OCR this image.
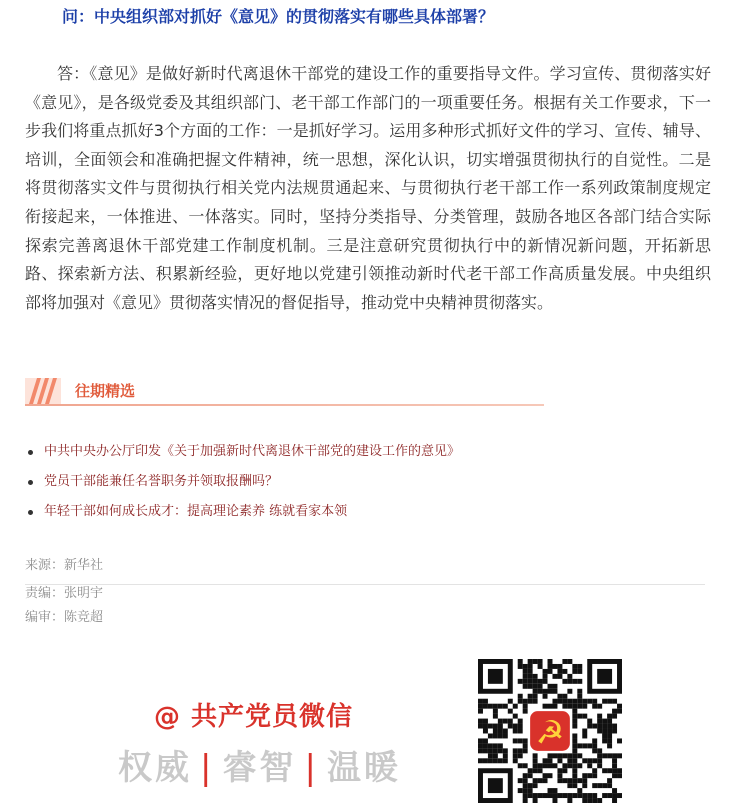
问：中央组织部对抓好《意见》的贯彻落实有哪些具体部署？

答：《意见》是做好新时代离退休干部党的建设工作的重要指导文件。学习宣传、贯彻落实好《意见》，是各级党委及其组织部门、老干部工作部门的一项重要任务。根据有关工作要求，下一步我们将重点抓好3个方面的工作：一是抓好学习。运用多种形式抓好文件的学习、宣传、辅导、培训，全面领会和准确把握文件精神，统一思想，深化认识，切实增强贯彻执行的自觉性。二是将贯彻落实文件与贯彻执行相关党内法规贯通起来、与贯彻执行老干部工作一系列政策制度规定衔接起来，一体推进、一体落实。同时，坚持分类指导、分类管理，鼓励各地区各部门结合实际探索完善离退休干部党建工作制度机制。三是注意研究贯彻执行中的新情况新问题，开拓新思路、探索新方法、积累新经验，更好地以党建引领推动新时代老干部工作高质量发展。中央组织部将加强对《意见》贯彻落实情况的督促指导，推动党中央精神贯彻落实。

往期精选
中共中央办公厅印发《关于加强新时代离退休干部党的建设工作的意见》
党员干部能兼任名誉职务并领取报酬吗？
年轻干部如何成长成才：提高理论素养 练就看家本领
来源：新华社
责编：张明宇
编审：陈竞超
@ 共产党员微信
权威 | 睿智 | 温暖
☭
